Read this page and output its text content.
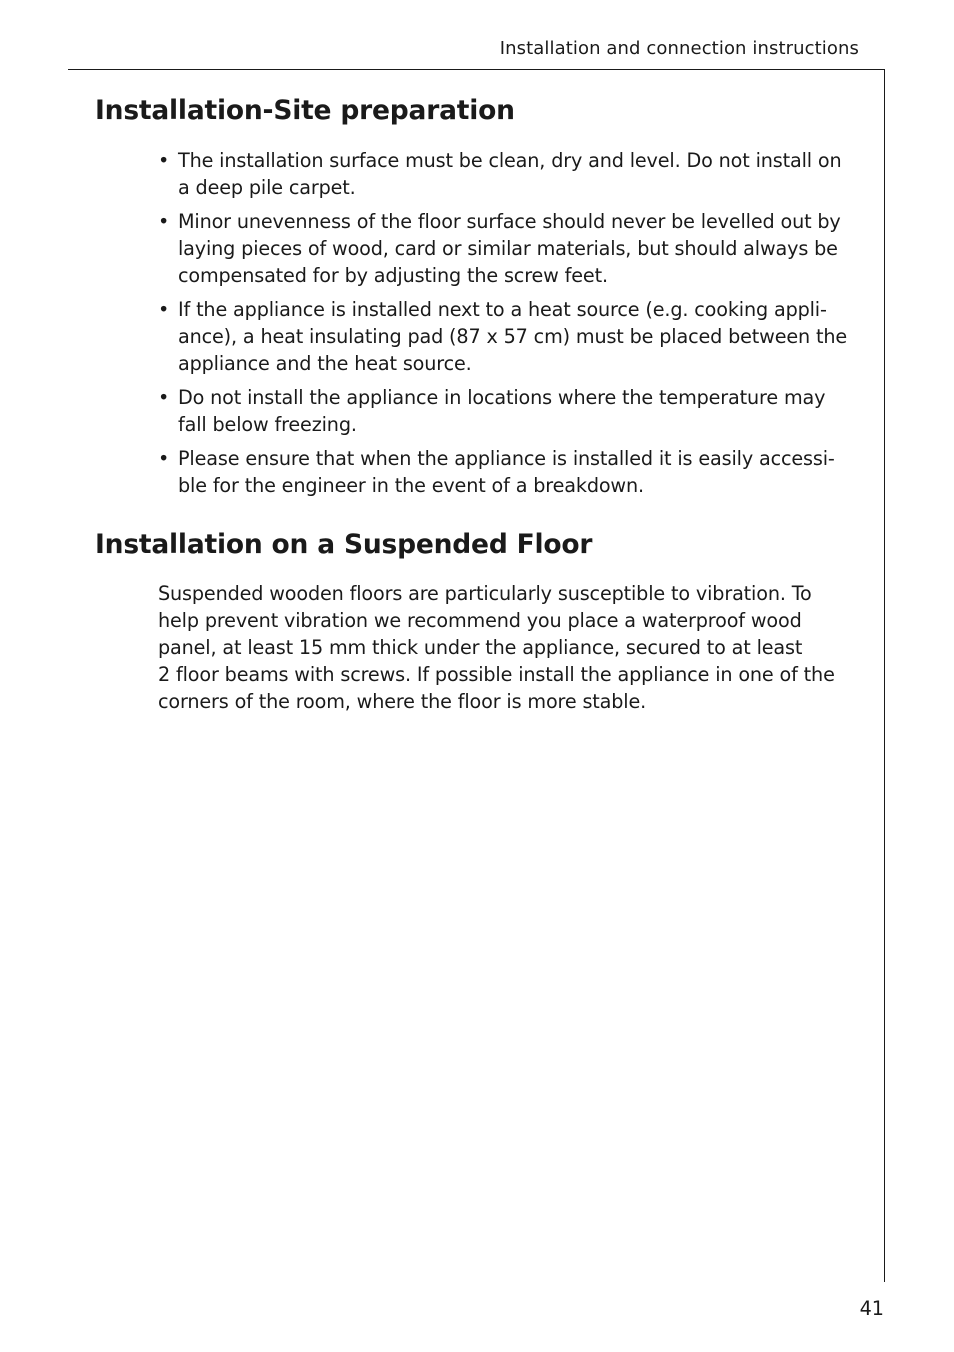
Installation and connection instructions
Installation-Site preparation
• The installation surface must be clean, dry and level. Do not install on
a deep pile carpet.
• Minor unevenness of the floor surface should never be levelled out by
laying pieces of wood, card or similar materials, but should always be
compensated for by adjusting the screw feet.
• If the appliance is installed next to a heat source (e.g. cooking appli-
ance), a heat insulating pad (87 x 57 cm) must be placed between the
appliance and the heat source.
• Do not install the appliance in locations where the temperature may
fall below freezing.
• Please ensure that when the appliance is installed it is easily accessi-
ble for the engineer in the event of a breakdown.
Installation on a Suspended Floor

Suspended wooden floors are particularly susceptible to vibration. To
help prevent vibration we recommend you place a waterproof wood
panel, at least 15 mm thick under the appliance, secured to at least
2 floor beams with screws. If possible install the appliance in one of the
corners of the room, where the floor is more stable.

41
